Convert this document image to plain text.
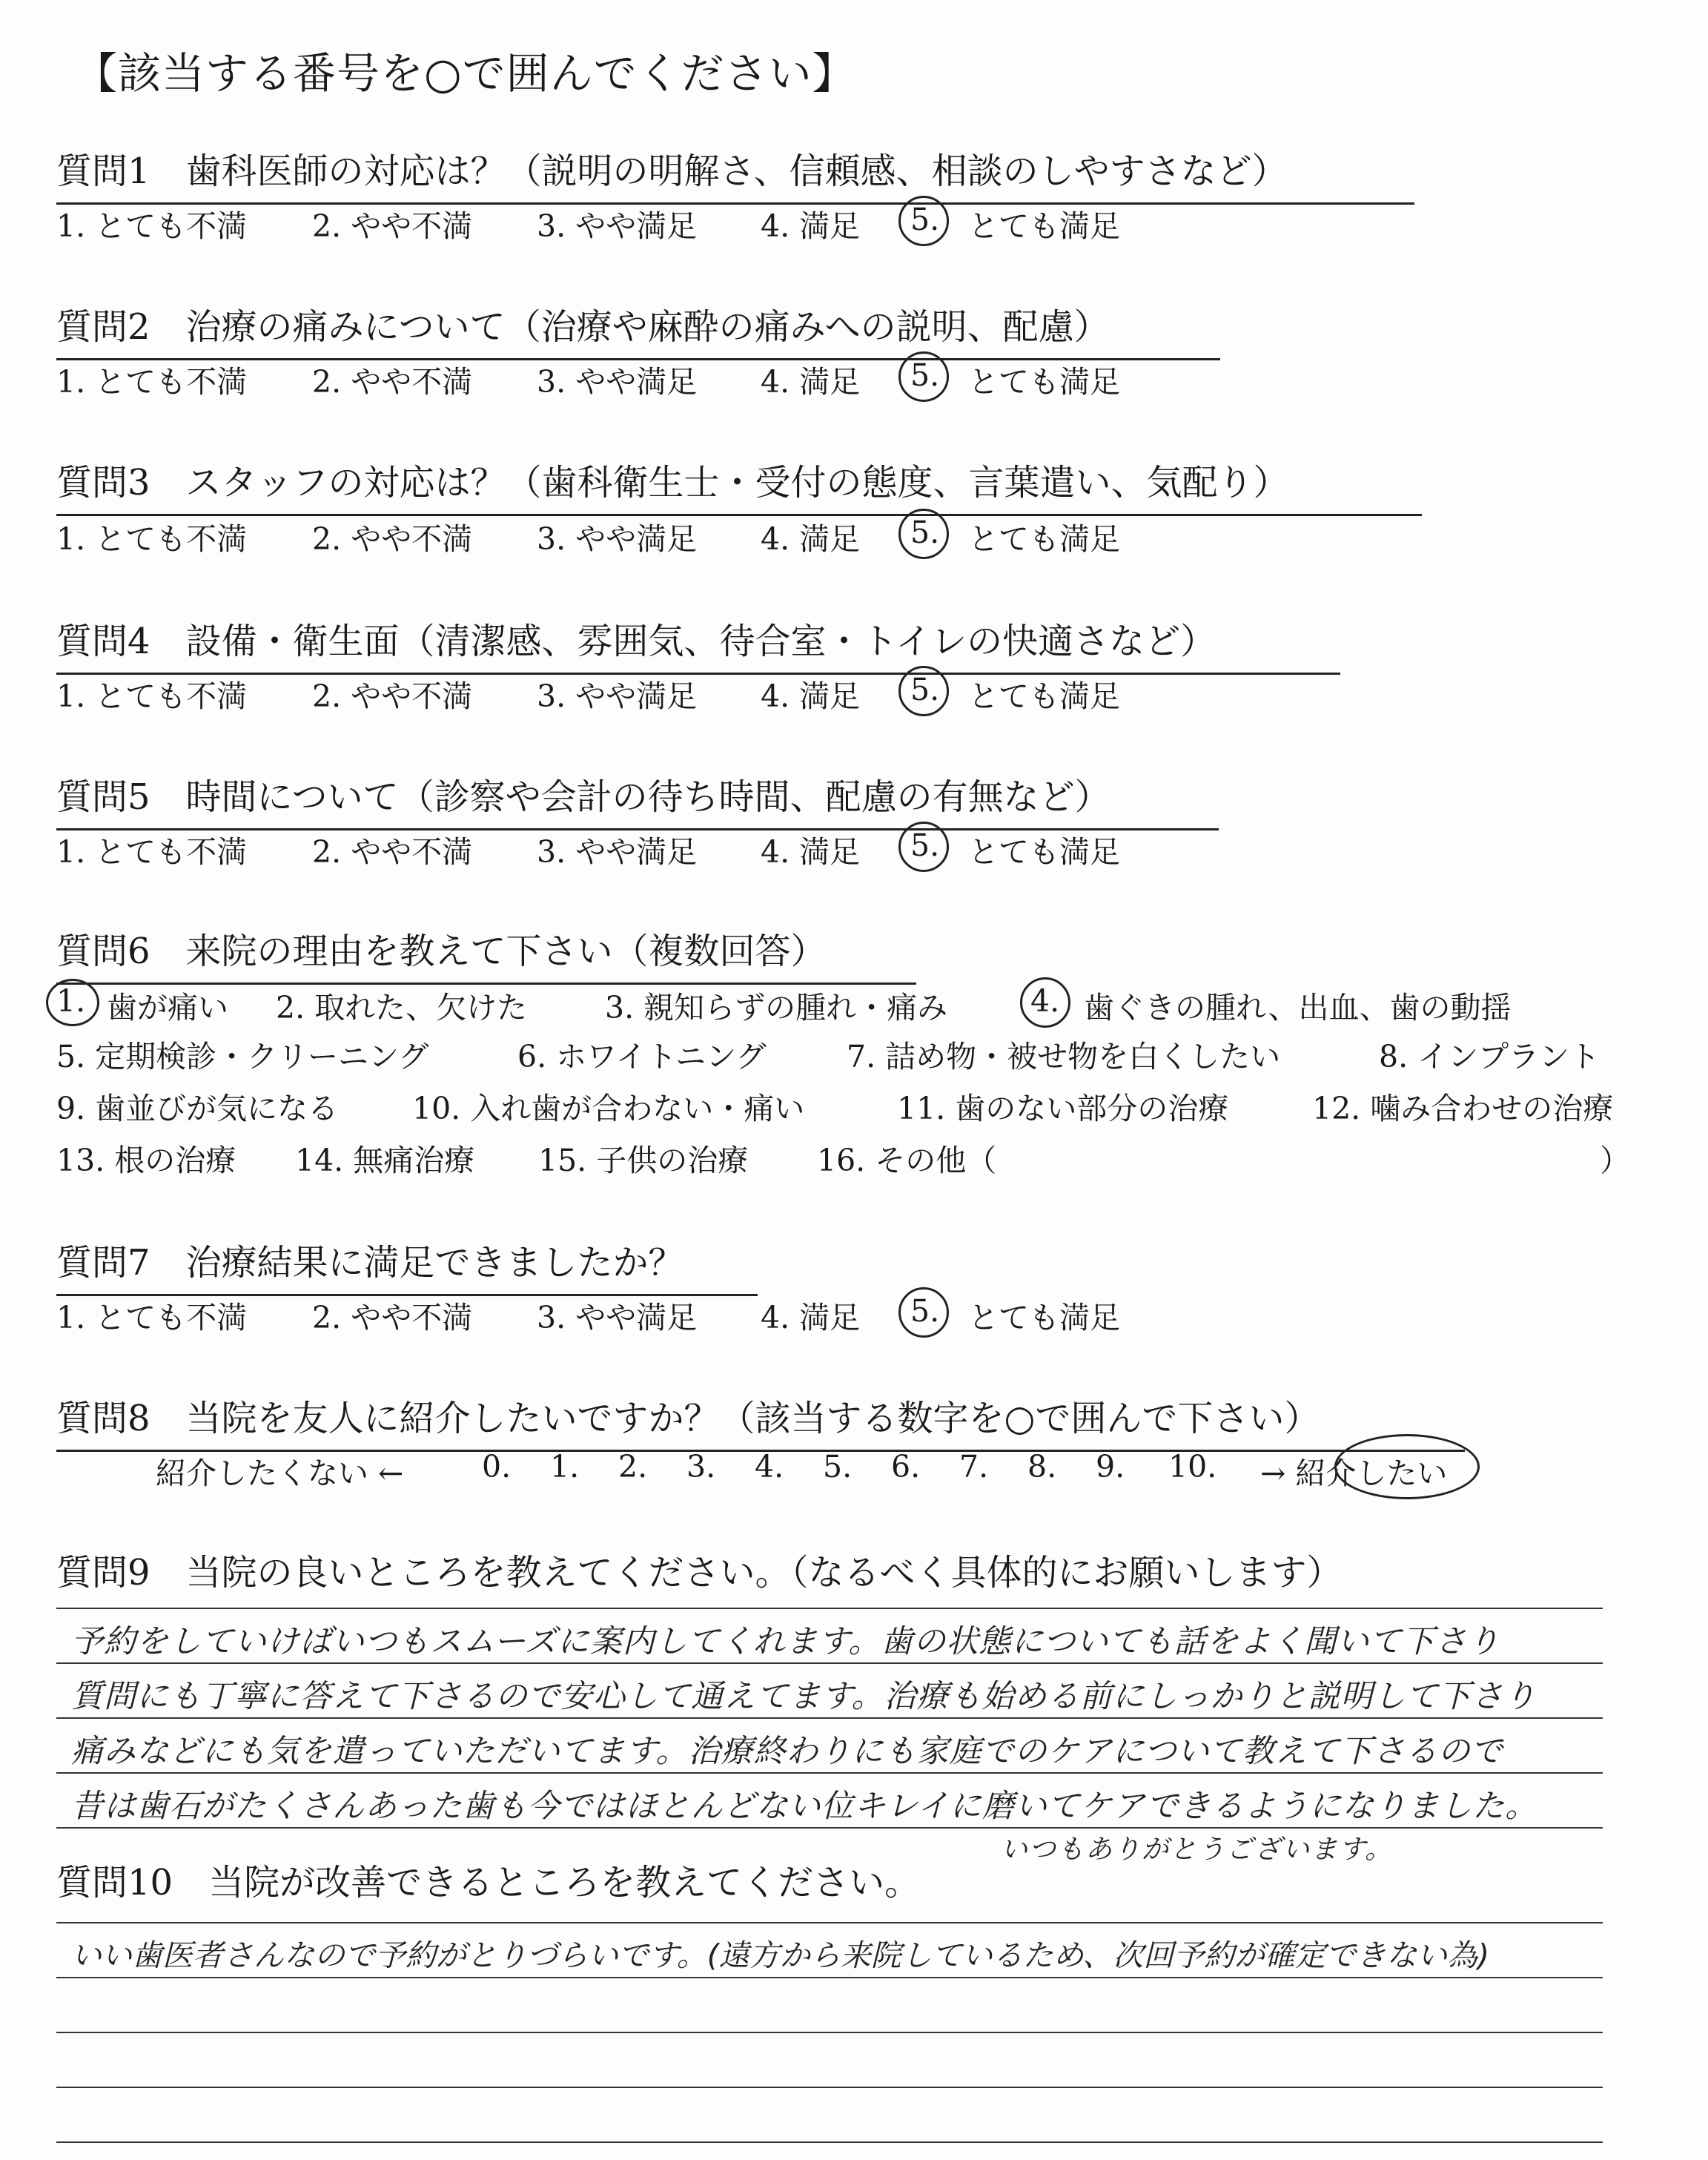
【該当する番号を○で囲んでください】
質問1　歯科医師の対応は？（説明の明解さ、信頼感、相談のしやすさなど）
1. とても不満 2. やや不満 3. やや満足 4. 満足 5. とても満足
質問2　治療の痛みについて（治療や麻酔の痛みへの説明、配慮）
1. とても不満 2. やや不満 3. やや満足 4. 満足 5. とても満足
質問3　スタッフの対応は？（歯科衛生士・受付の態度、言葉遣い、気配り）
1. とても不満 2. やや不満 3. やや満足 4. 満足 5. とても満足
質問4　設備・衛生面（清潔感、雰囲気、待合室・トイレの快適さなど）
1. とても不満 2. やや不満 3. やや満足 4. 満足 5. とても満足
質問5　時間について（診察や会計の待ち時間、配慮の有無など）
1. とても不満 2. やや不満 3. やや満足 4. 満足 5. とても満足
質問6　来院の理由を教えて下さい（複数回答）
1. 歯が痛い 2. 取れた、欠けた	3. 親知らずの腫れ・痛み	4. 歯ぐきの腫れ、出血、歯の動揺
5. 定期検診・クリーニング	6. ホワイトニング	7. 詰め物・被せ物を白くしたい	8. インプラント
9. 歯並びが気になる 10. 入れ歯が合わない・痛い	11. 歯のない部分の治療	12. 噛み合わせの治療
13. 根の治療 14. 無痛治療 15. 子供の治療 16. その他（	）
質問7　治療結果に満足できましたか？
1. とても不満 2. やや不満 3. やや満足 4. 満足 5. とても満足
質問8　当院を友人に紹介したいですか？（該当する数字を○で囲んで下さい）
紹介したくない ←	0. 1. 2. 3. 4. 5. 6. 7. 8. 9. 10. → 紹介したい
質問9　当院の良いところを教えてください。（なるべく具体的にお願いします）
予約をしていけばいつもスムーズに案内してくれます。歯の状態についても話をよく聞いて下さり
質問にも丁寧に答えて下さるので安心して通えてます。治療も始める前にしっかりと説明して下さり
痛みなどにも気を遣っていただいてます。治療終わりにも家庭でのケアについて教えて下さるので
昔は歯石がたくさんあった歯も今ではほとんどない位キレイに磨いてケアできるようになりました。
いつもありがとうございます。
質問10　当院が改善できるところを教えてください。
いい歯医者さんなので予約がとりづらいです。(遠方から来院しているため、次回予約が確定できない為)
